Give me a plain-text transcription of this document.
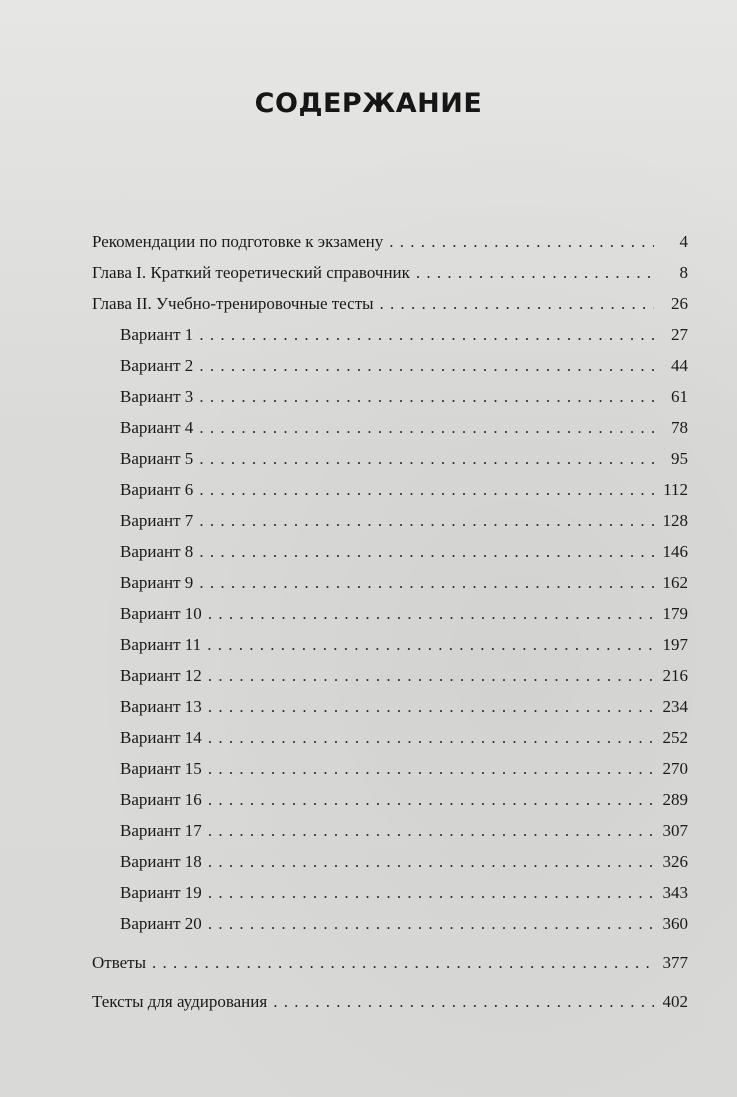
СОДЕРЖАНИЕ
Рекомендации по подготовке к экзамену . . .	4
Глава I. Краткий теоретический справочник . . .	8
Глава II. Учебно-тренировочные тесты . . .	26
Вариант 1 . . .	27
Вариант 2 . . .	44
Вариант 3 . . .	61
Вариант 4 . . .	78
Вариант 5 . . .	95
Вариант 6 . . .	112
Вариант 7 . . .	128
Вариант 8 . . .	146
Вариант 9 . . .	162
Вариант 10 . . .	179
Вариант 11 . . .	197
Вариант 12 . . .	216
Вариант 13 . . .	234
Вариант 14 . . .	252
Вариант 15 . . .	270
Вариант 16 . . .	289
Вариант 17 . . .	307
Вариант 18 . . .	326
Вариант 19 . . .	343
Вариант 20 . . .	360
Ответы . . .	377
Тексты для аудирования . . .	402
